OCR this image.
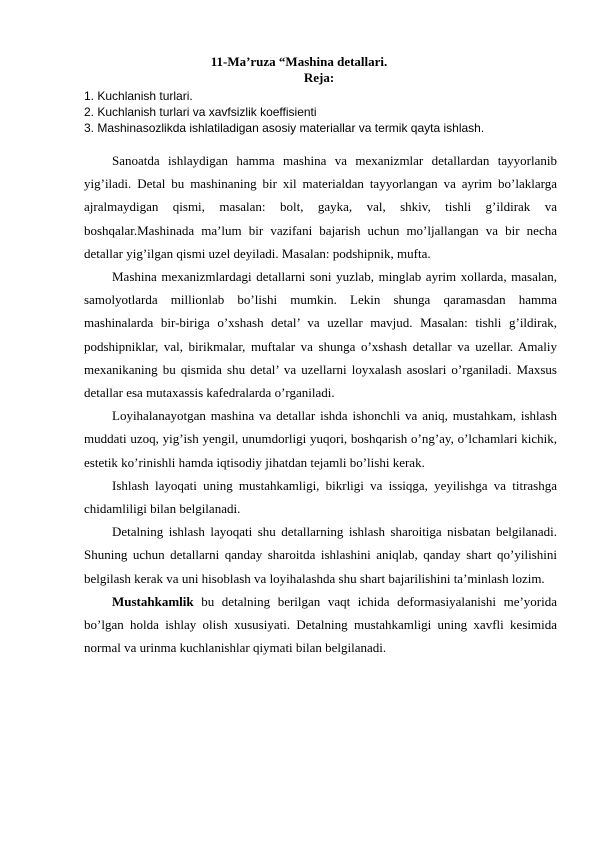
11-Ma’ruza “Mashina detallari.
Reja:
1. Kuchlanish turlari.
2. Kuchlanish turlari va xavfsizlik koeffisienti
3. Mashinasozlikda ishlatiladigan asosiy materiallar va termik qayta ishlash.

Sanoatda ishlaydigan hamma mashina va mexanizmlar detallardan tayyorlanib yig’iladi. Detal bu mashinaning bir xil materialdan tayyorlangan va ayrim bo’laklarga ajralmaydigan qismi, masalan: bolt, gayka, val, shkiv, tishli g’ildirak va boshqalar.Mashinada ma’lum bir vazifani bajarish uchun mo’ljallangan va bir necha detallar yig’ilgan qismi uzel deyiladi. Masalan: podshipnik, mufta.

Mashina mexanizmlardagi detallarni soni yuzlab, minglab ayrim xollarda, masalan, samolyotlarda millionlab bo’lishi mumkin. Lekin shunga qaramasdan hamma mashinalarda bir-biriga o’xshash detal’ va uzellar mavjud. Masalan: tishli g’ildirak, podshipniklar, val, birikmalar, muftalar va shunga o’xshash detallar va uzellar. Amaliy mexanikaning bu qismida shu detal’ va uzellarni loyxalash asoslari o’rganiladi. Maxsus detallar esa mutaxassis kafedralarda o’rganiladi.

Loyihalanayotgan mashina va detallar ishda ishonchli va aniq, mustahkam, ishlash muddati uzoq, yig’ish yengil, unumdorligi yuqori, boshqarish o’ng’ay, o’lchamlari kichik, estetik ko’rinishli hamda iqtisodiy jihatdan tejamli bo’lishi kerak.

Ishlash layoqati uning mustahkamligi, bikrligi va issiqga, yeyilishga va titrashga chidamliligi bilan belgilanadi.

Detalning ishlash layoqati shu detallarning ishlash sharoitiga nisbatan belgilanadi. Shuning uchun detallarni qanday sharoitda ishlashini aniqlab, qanday shart qo’yilishini belgilash kerak va uni hisoblash va loyihalashda shu shart bajarilishini ta’minlash lozim.

Mustahkamlik bu detalning berilgan vaqt ichida deformasiyalanishi me’yorida bo’lgan holda ishlay olish xususiyati. Detalning mustahkamligi uning xavfli kesimida normal va urinma kuchlanishlar qiymati bilan belgilanadi.
